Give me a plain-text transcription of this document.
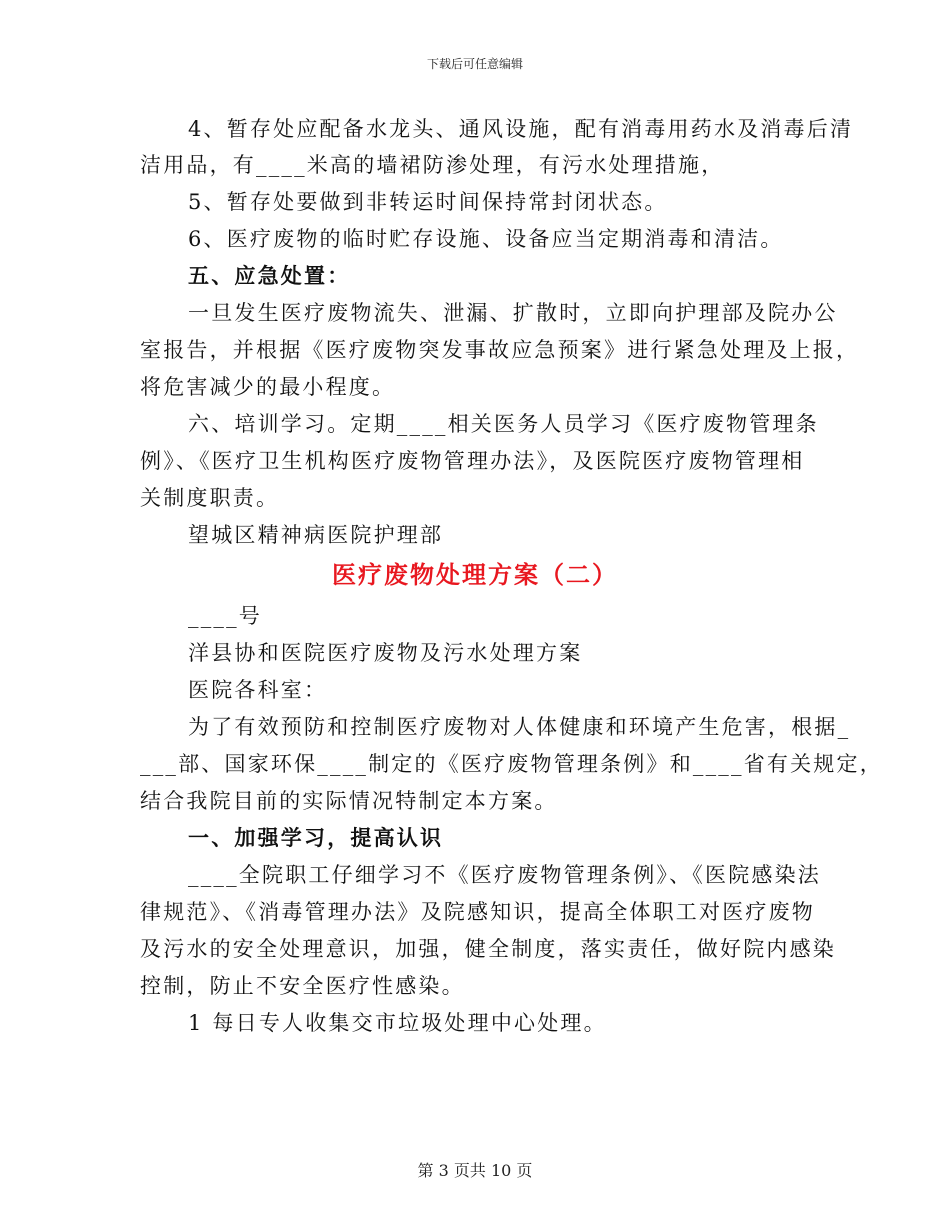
下载后可任意编辑
4、暂存处应配备水龙头、通风设施，配有消毒用药水及消毒后清
洁用品，有____米高的墙裙防渗处理，有污水处理措施，
5、暂存处要做到非转运时间保持常封闭状态。
6、医疗废物的临时贮存设施、设备应当定期消毒和清洁。
五、应急处置：
一旦发生医疗废物流失、泄漏、扩散时，立即向护理部及院办公
室报告，并根据《医疗废物突发事故应急预案》进行紧急处理及上报，
将危害减少的最小程度。
六、培训学习。定期____相关医务人员学习《医疗废物管理条
例》、《医疗卫生机构医疗废物管理办法》，及医院医疗废物管理相
关制度职责。
望城区精神病医院护理部
医疗废物处理方案（二）
____号
洋县协和医院医疗废物及污水处理方案
医院各科室：
为了有效预防和控制医疗废物对人体健康和环境产生危害，根据_
___部、国家环保____制定的《医疗废物管理条例》和____省有关规定，
结合我院目前的实际情况特制定本方案。
一、加强学习，提高认识
____全院职工仔细学习不《医疗废物管理条例》、《医院感染法
律规范》、《消毒管理办法》及院感知识，提高全体职工对医疗废物
及污水的安全处理意识，加强，健全制度，落实责任，做好院内感染
控制，防止不安全医疗性感染。
1 每日专人收集交市垃圾处理中心处理。
第 3 页共 10 页
